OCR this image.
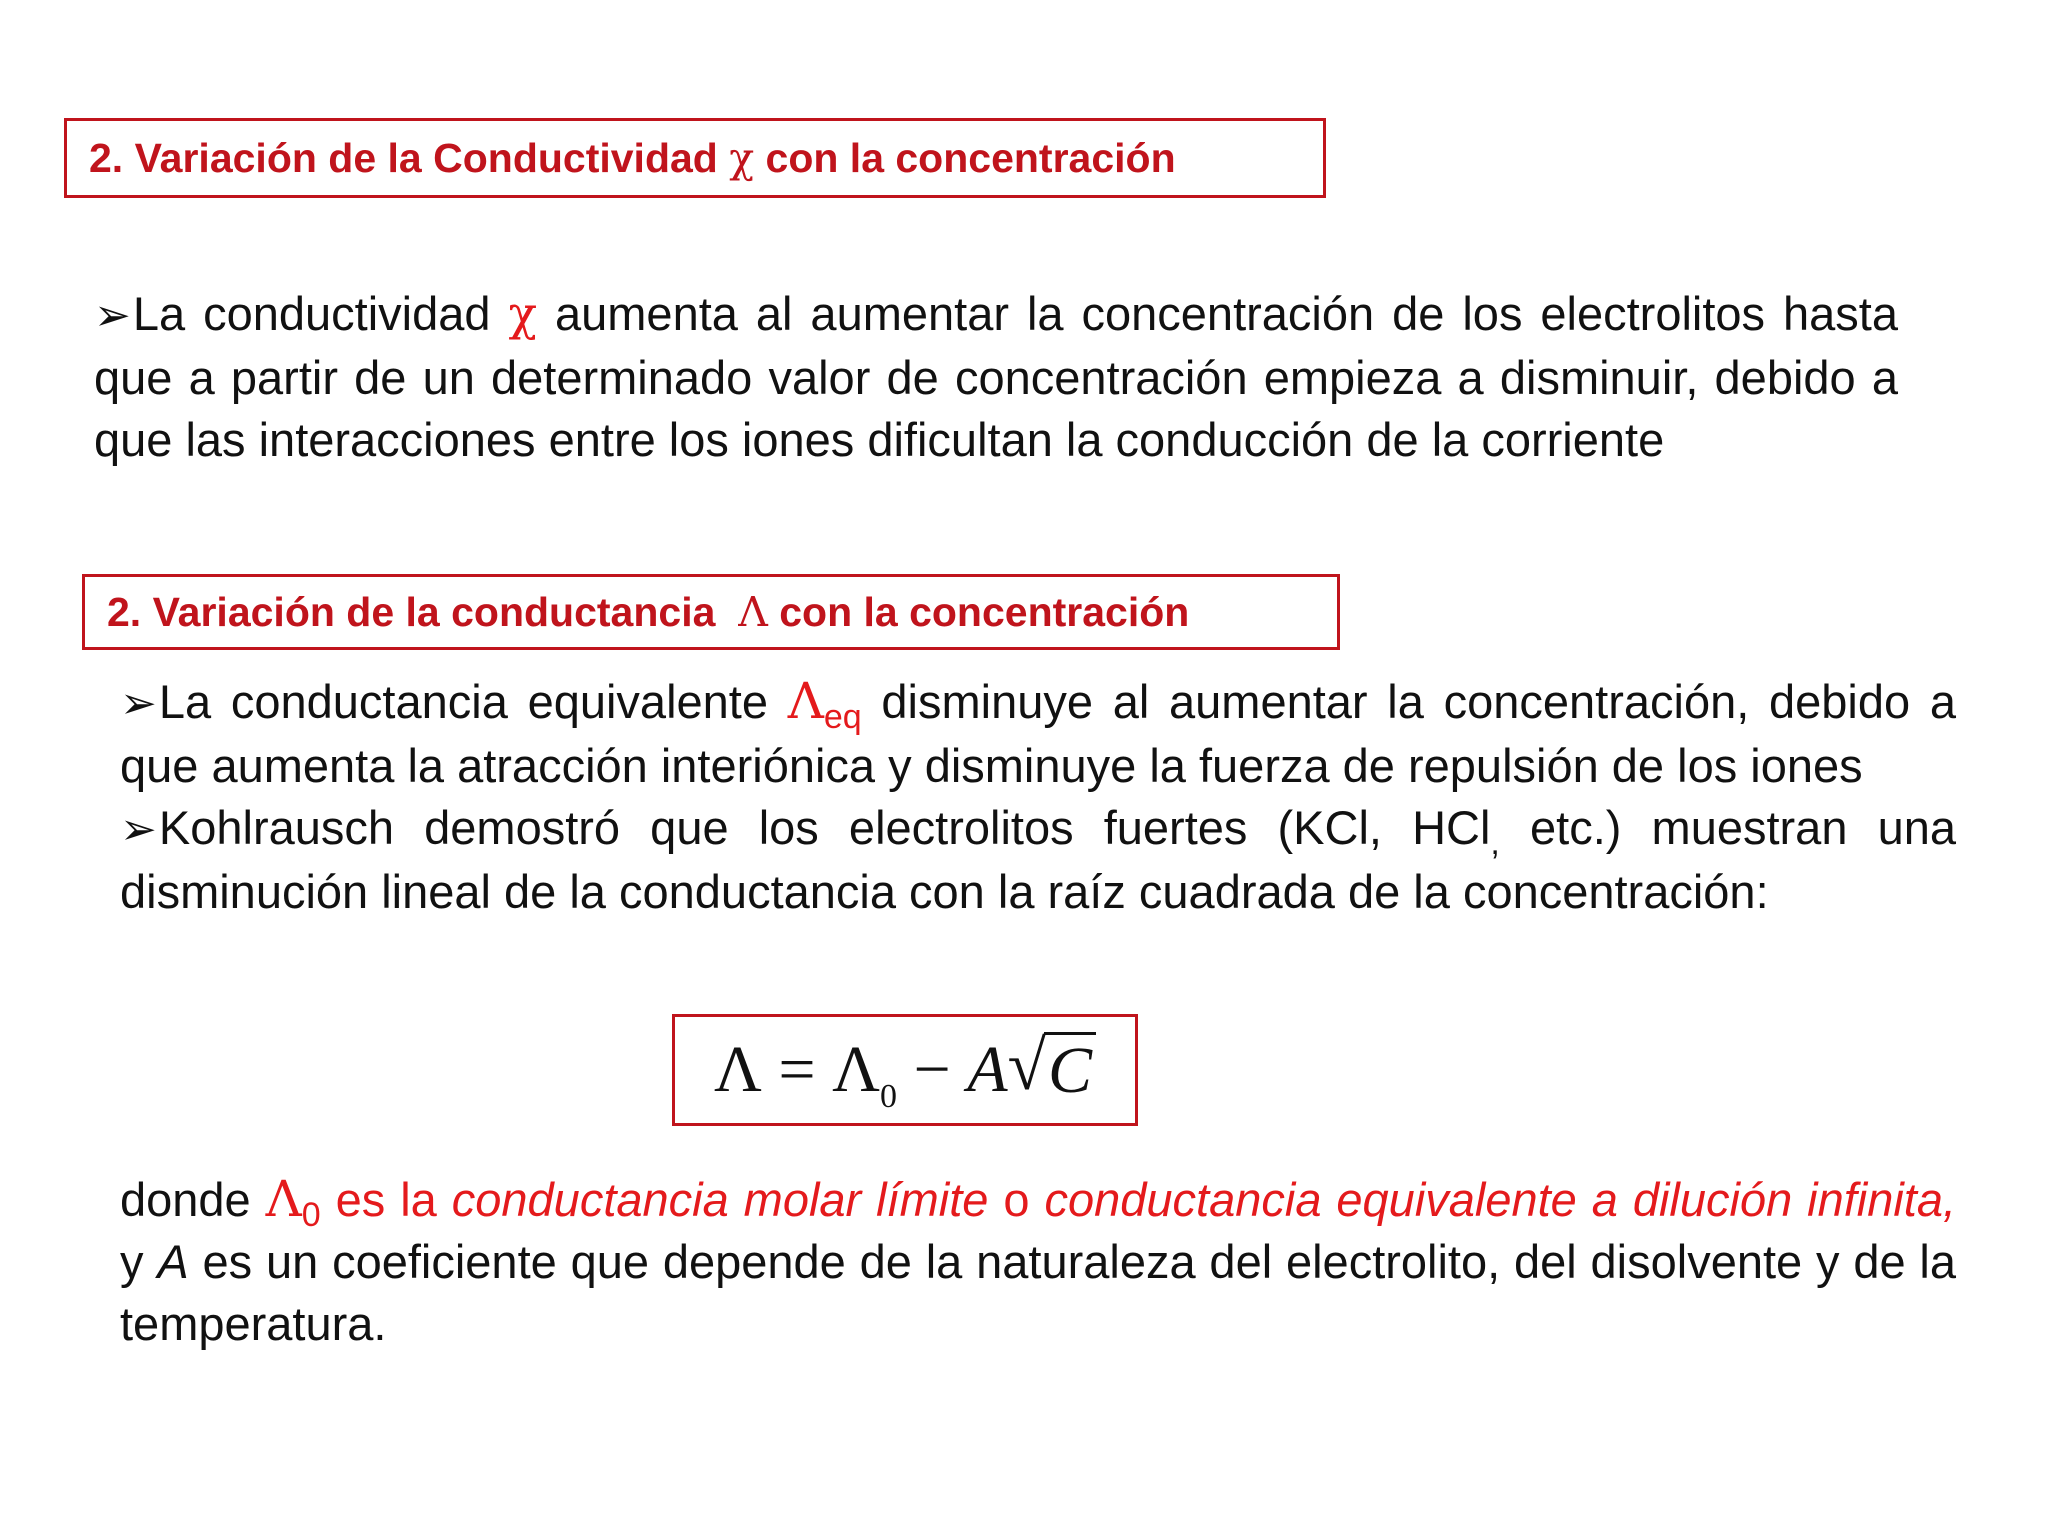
2. Variación de la Conductividad
χ
con la concentración
➢La conductividad χ aumenta al aumentar la concentración de los electrolitos hasta que a partir de un determinado valor de concentración empieza a disminuir, debido a que las interacciones entre los iones dificultan la conducción de la corriente
2. Variación de la conductancia
Λ
con la concentración
➢La conductancia equivalente $\Lambda_{eq}$ disminuye al aumentar la concentración, debido a que aumenta la atracción interiónica y disminuye la fuerza de repulsión de los iones
➢Kohlrausch demostró que los electrolitos fuertes (KCl, HCl$_,$ etc.) muestran una disminución lineal de la conductancia con la raíz cuadrada de la concentración:
Λ
=
$\Lambda_0$
−
A √ C
donde $\Lambda_0$ es la conductancia molar límite o conductancia equivalente a dilución infinita, y A es un coeficiente que depende de la naturaleza del electrolito, del disolvente y de la temperatura.
